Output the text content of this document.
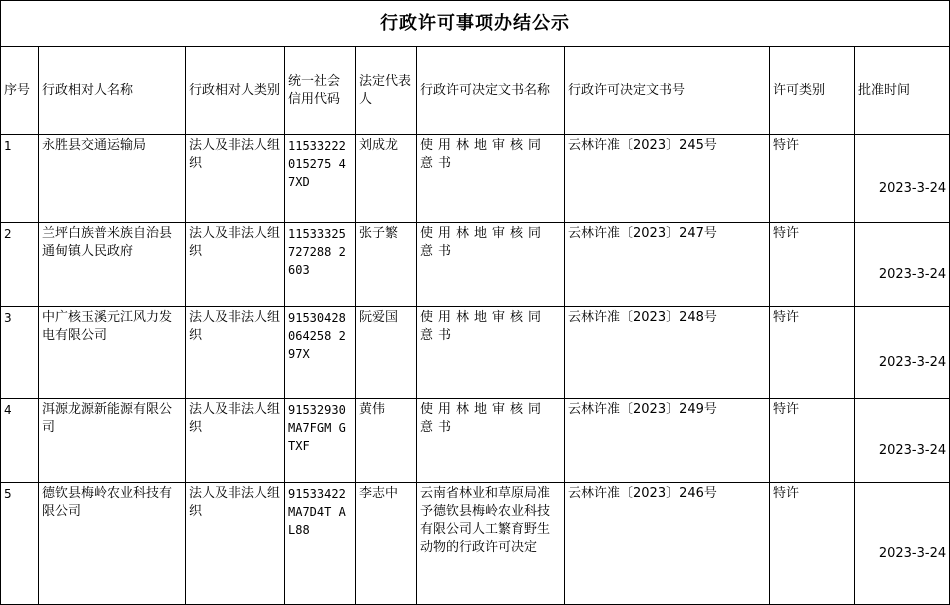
行政许可事项办结公示								
序号	行政相对人名称	行政相对人类别	统一社会信用代码	法定代表人	行政许可决定文书名称	行政许可决定文书号	许可类别	批准时间
1	永胜县交通运输局	法人及非法人组织	11533222015275 47XD	刘成龙	使用林地审核同意书	云林许准〔2023〕245号	特许	2023-3-24
2	兰坪白族普米族自治县通甸镇人民政府	法人及非法人组织	11533325727288 2603	张子繁	使用林地审核同意书	云林许准〔2023〕247号	特许	2023-3-24
3	中广核玉溪元江风力发电有限公司	法人及非法人组织	91530428064258 297X	阮爱国	使用林地审核同意书	云林许准〔2023〕248号	特许	2023-3-24
4	洱源龙源新能源有限公司	法人及非法人组织	91532930MA7FGM GTXF	黄伟	使用林地审核同意书	云林许准〔2023〕249号	特许	2023-3-24
5	德钦县梅岭农业科技有限公司	法人及非法人组织	91533422MA7D4T AL88	李志中	云南省林业和草原局准予德钦县梅岭农业科技有限公司人工繁育野生动物的行政许可决定	云林许准〔2023〕246号	特许	2023-3-24
